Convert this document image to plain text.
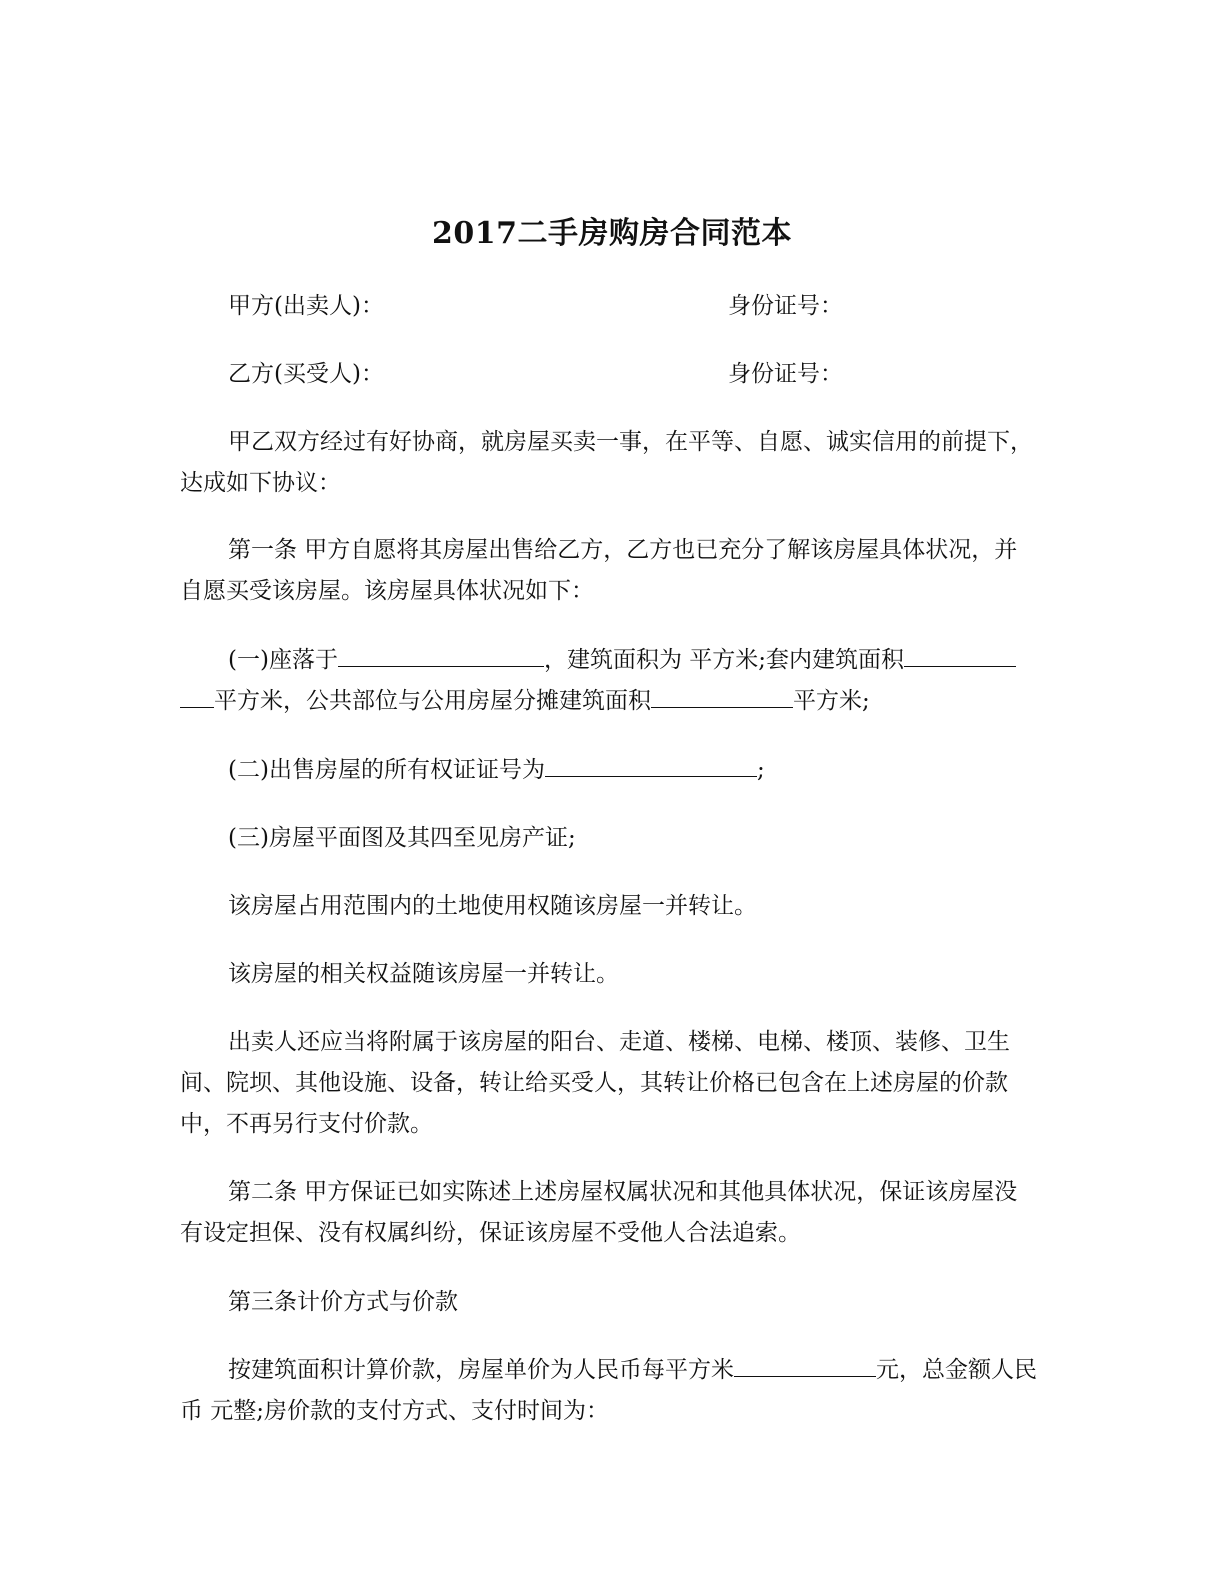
2017二手房购房合同范本
甲方(出卖人)：	身份证号：
乙方(买受人)：	身份证号：
甲乙双方经过有好协商，就房屋买卖一事，在平等、自愿、诚实信用的前提下，达成如下协议：
第一条 甲方自愿将其房屋出售给乙方，乙方也已充分了解该房屋具体状况，并自愿买受该房屋。该房屋具体状况如下：
(一)座落于	，建筑面积为 平方米;套内建筑面积平方米，公共部位与公用房屋分摊建筑面积	平方米;
(二)出售房屋的所有权证证号为	;
(三)房屋平面图及其四至见房产证;
该房屋占用范围内的土地使用权随该房屋一并转让。
该房屋的相关权益随该房屋一并转让。
出卖人还应当将附属于该房屋的阳台、走道、楼梯、电梯、楼顶、装修、卫生间、院坝、其他设施、设备，转让给买受人，其转让价格已包含在上述房屋的价款中，不再另行支付价款。
第二条 甲方保证已如实陈述上述房屋权属状况和其他具体状况，保证该房屋没有设定担保、没有权属纠纷，保证该房屋不受他人合法追索。
第三条计价方式与价款
按建筑面积计算价款，房屋单价为人民币每平方米	元，总金额人民币 元整;房价款的支付方式、支付时间为：
